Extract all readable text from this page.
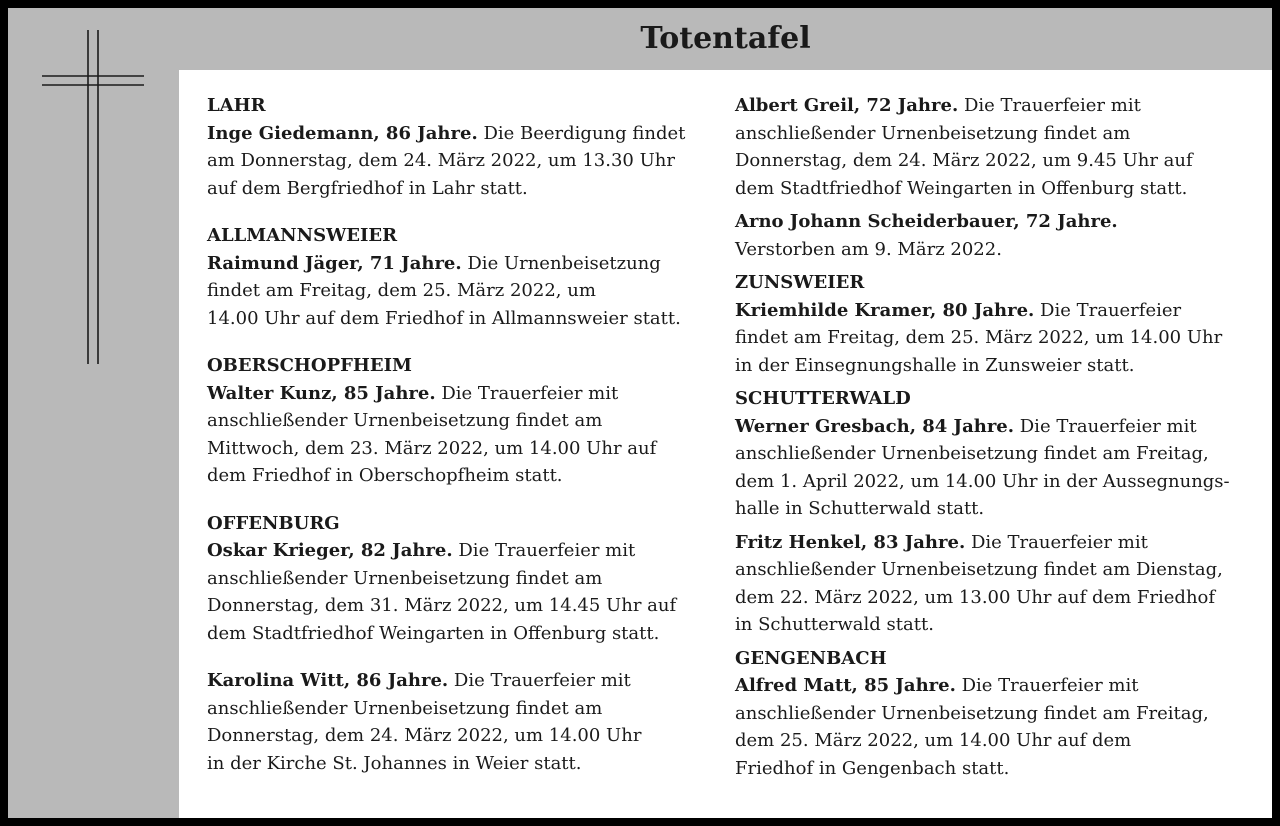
Totentafel
LAHR
Inge Giedemann, 86 Jahre. Die Beerdigung findet
am Donnerstag, dem 24. März 2022, um 13.30 Uhr
auf dem Bergfriedhof in Lahr statt.
ALLMANNSWEIER
Raimund Jäger, 71 Jahre. Die Urnenbeisetzung
findet am Freitag, dem 25. März 2022, um
14.00 Uhr auf dem Friedhof in Allmannsweier statt.
OBERSCHOPFHEIM
Walter Kunz, 85 Jahre. Die Trauerfeier mit
anschließender Urnenbeisetzung findet am
Mittwoch, dem 23. März 2022, um 14.00 Uhr auf
dem Friedhof in Oberschopfheim statt.
OFFENBURG
Oskar Krieger, 82 Jahre. Die Trauerfeier mit
anschließender Urnenbeisetzung findet am
Donnerstag, dem 31. März 2022, um 14.45 Uhr auf
dem Stadtfriedhof Weingarten in Offenburg statt.
Karolina Witt, 86 Jahre. Die Trauerfeier mit
anschließender Urnenbeisetzung findet am
Donnerstag, dem 24. März 2022, um 14.00 Uhr
in der Kirche St. Johannes in Weier statt.
Albert Greil, 72 Jahre. Die Trauerfeier mit
anschließender Urnenbeisetzung findet am
Donnerstag, dem 24. März 2022, um 9.45 Uhr auf
dem Stadtfriedhof Weingarten in Offenburg statt.
Arno Johann Scheiderbauer, 72 Jahre.
Verstorben am 9. März 2022.
ZUNSWEIER
Kriemhilde Kramer, 80 Jahre. Die Trauerfeier
findet am Freitag, dem 25. März 2022, um 14.00 Uhr
in der Einsegnungshalle in Zunsweier statt.
SCHUTTERWALD
Werner Gresbach, 84 Jahre. Die Trauerfeier mit
anschließender Urnenbeisetzung findet am Freitag,
dem 1. April 2022, um 14.00 Uhr in der Aussegnungs-
halle in Schutterwald statt.
Fritz Henkel, 83 Jahre. Die Trauerfeier mit
anschließender Urnenbeisetzung findet am Dienstag,
dem 22. März 2022, um 13.00 Uhr auf dem Friedhof
in Schutterwald statt.
GENGENBACH
Alfred Matt, 85 Jahre. Die Trauerfeier mit
anschließender Urnenbeisetzung findet am Freitag,
dem 25. März 2022, um 14.00 Uhr auf dem
Friedhof in Gengenbach statt.
